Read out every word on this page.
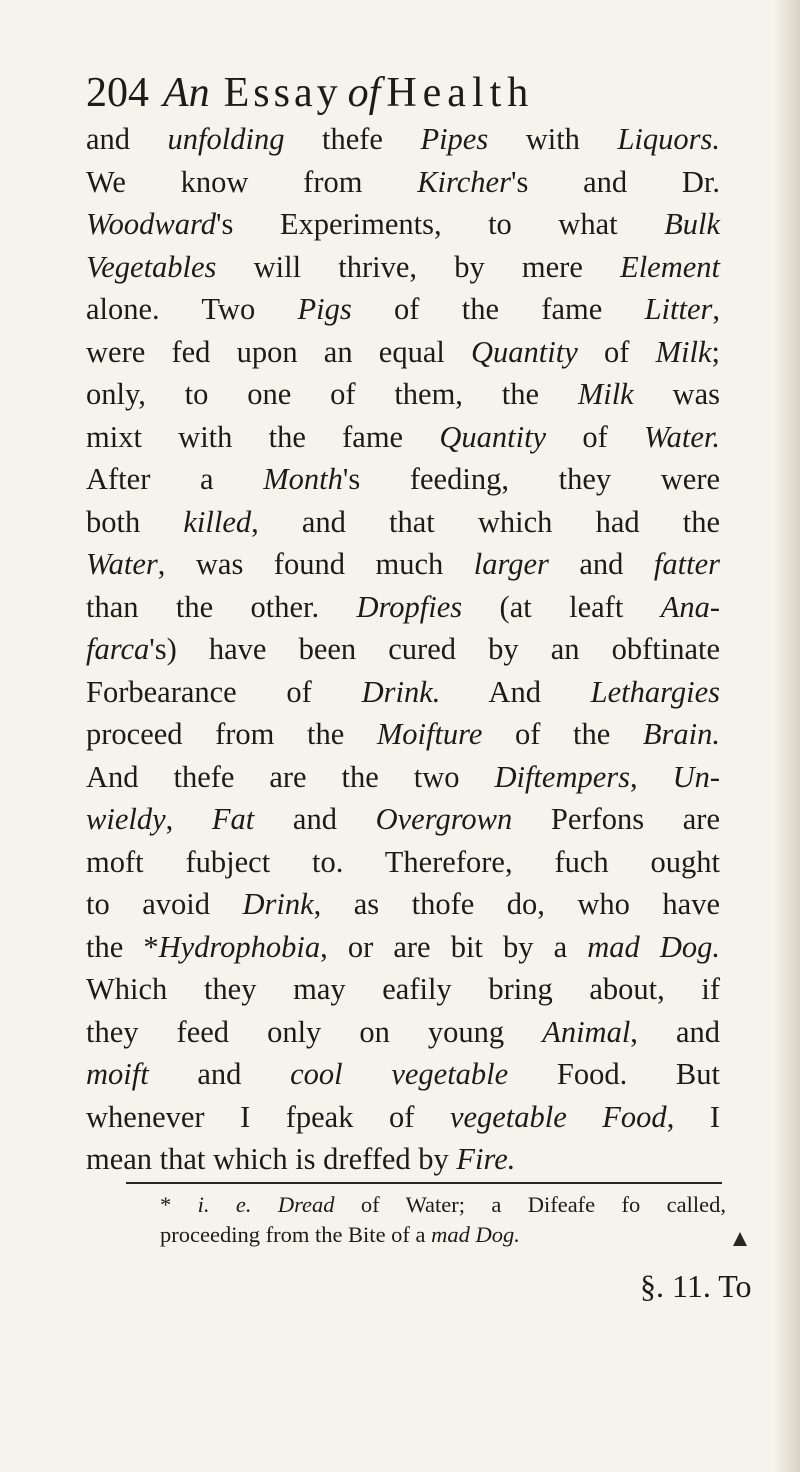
204 An Essay of Health
and unfolding thefe Pipes with Liquors.
We know from Kircher's and Dr.
Woodward's Experiments, to what Bulk
Vegetables will thrive, by mere Element
alone. Two Pigs of the fame Litter,
were fed upon an equal Quantity of Milk;
only, to one of them, the Milk was
mixt with the fame Quantity of Water.
After a Month's feeding, they were
both killed, and that which had the
Water, was found much larger and fatter
than the other. Dropfies (at leaft Ana-
farca's) have been cured by an obftinate
Forbearance of Drink. And Lethargies
proceed from the Moifture of the Brain.
And thefe are the two Diftempers, Un-
wieldy, Fat and Overgrown Perfons are
moft fubject to. Therefore, fuch ought
to avoid Drink, as thofe do, who have
the *Hydrophobia, or are bit by a mad Dog.
Which they may eafily bring about, if
they feed only on young Animal, and
moift and cool vegetable Food. But
whenever I fpeak of vegetable Food, I
mean that which is dreffed by Fire.
* i. e. Dread of Water; a Difeafe fo called,
proceeding from the Bite of a mad Dog.
§. 11. To
